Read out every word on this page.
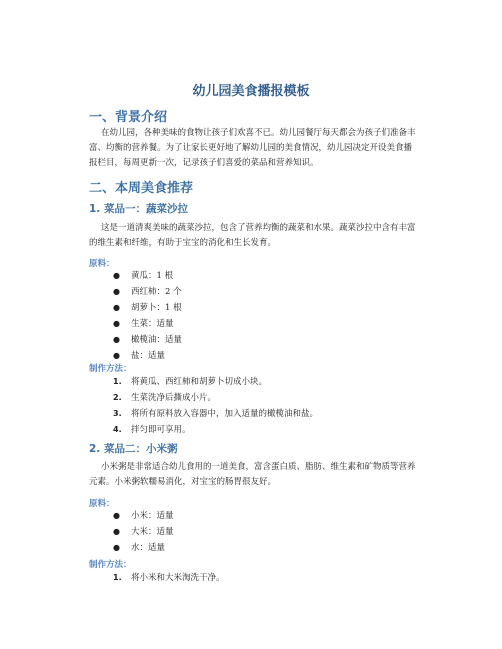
幼儿园美食播报模板
一、背景介绍

在幼儿园，各种美味的食物让孩子们欢喜不已。幼儿园餐厅每天都会为孩子们准备丰富、均衡的营养餐。为了让家长更好地了解幼儿园的美食情况，幼儿园决定开设美食播报栏目，每周更新一次，记录孩子们喜爱的菜品和营养知识。

二、本周美食推荐
1. 菜品一：蔬菜沙拉

这是一道清爽美味的蔬菜沙拉，包含了营养均衡的蔬菜和水果。蔬菜沙拉中含有丰富的维生素和纤维，有助于宝宝的消化和生长发育。

原料：
● 黄瓜：1 根
● 西红柿：2 个
● 胡萝卜：1 根
● 生菜：适量
● 橄榄油：适量
● 盐：适量
制作方法：
1. 将黄瓜、西红柿和胡萝卜切成小块。
2. 生菜洗净后撕成小片。
3. 将所有原料放入容器中，加入适量的橄榄油和盐。
4. 拌匀即可享用。
2. 菜品二：小米粥

小米粥是非常适合幼儿食用的一道美食，富含蛋白质、脂肪、维生素和矿物质等营养元素。小米粥软糯易消化，对宝宝的肠胃很友好。

原料：
● 小米：适量
● 大米：适量
● 水：适量
制作方法：
1. 将小米和大米淘洗干净。
